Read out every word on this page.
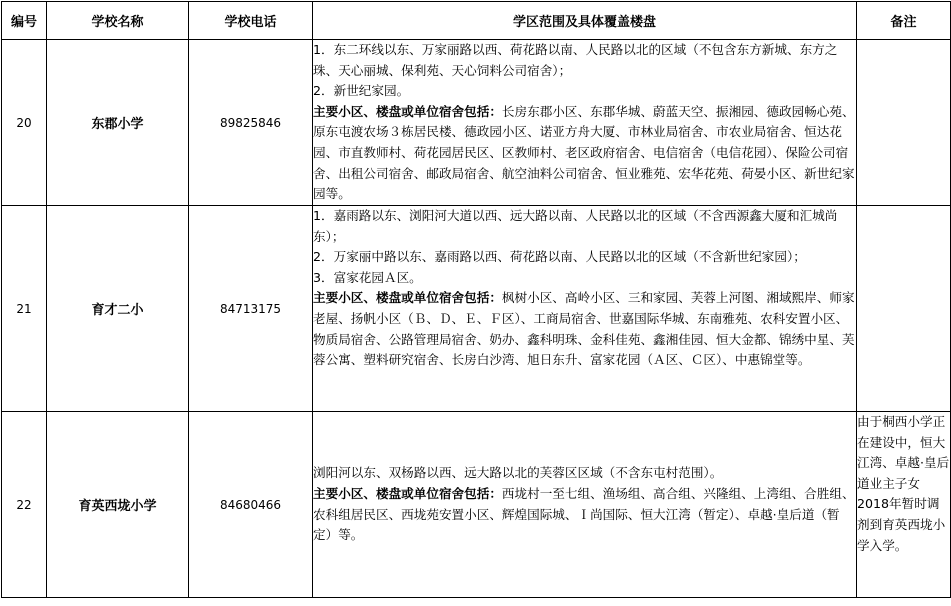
编号	学校名称	学校电话	学区范围及具体覆盖楼盘	备注
20	东郡小学	89825846	1．东二环线以东、万家丽路以西、荷花路以南、人民路以北的区域（不包含东方新城、东方之珠、天心丽城、保利苑、天心饲料公司宿舍）；

2．新世纪家园。

主要小区、楼盘或单位宿舍包括：长房东郡小区、东郡华城、蔚蓝天空、振湘园、德政园畅心苑、原东屯渡农场３栋居民楼、德政园小区、诺亚方舟大厦、市林业局宿舍、市农业局宿舍、恒达花园、市直教师村、荷花园居民区、区教师村、老区政府宿舍、电信宿舍（电信花园）、保险公司宿舍、出租公司宿舍、邮政局宿舍、航空油料公司宿舍、恒业雅苑、宏华花苑、荷晏小区、新世纪家园等。	

21	育才二小	84713175	1．嘉雨路以东、浏阳河大道以西、远大路以南、人民路以北的区域（不含西源鑫大厦和汇城尚东）；

2．万家丽中路以东、嘉雨路以西、荷花路以南、人民路以北的区域（不含新世纪家园）；

3．富家花园Ａ区。

主要小区、楼盘或单位宿舍包括：枫树小区、高岭小区、三和家园、芙蓉上河图、湘域熙岸、师家老屋、扬帆小区（Ｂ、Ｄ、Ｅ、Ｆ区）、工商局宿舍、世嘉国际华城、东南雅苑、农科安置小区、物质局宿舍、公路管理局宿舍、奶办、鑫科明珠、金科佳苑、鑫湘佳园、恒大金都、锦绣中星、芙蓉公寓、塑料研究宿舍、长房白沙湾、旭日东升、富家花园（Ａ区、Ｃ区）、中惠锦堂等。	

22	育英西垅小学	84680466	浏阳河以东、双杨路以西、远大路以北的芙蓉区区域（不含东屯村范围）。

主要小区、楼盘或单位宿舍包括：西垅村一至七组、渔场组、高合组、兴隆组、上湾组、合胜组、农科组居民区、西垅苑安置小区、辉煌国际城、Ｉ尚国际、恒大江湾（暂定）、卓越·皇后道（暂定）等。	由于桐西小学正在建设中，恒大江湾、卓越·皇后道业主子女2018年暂时调剂到育英西垅小学入学。
